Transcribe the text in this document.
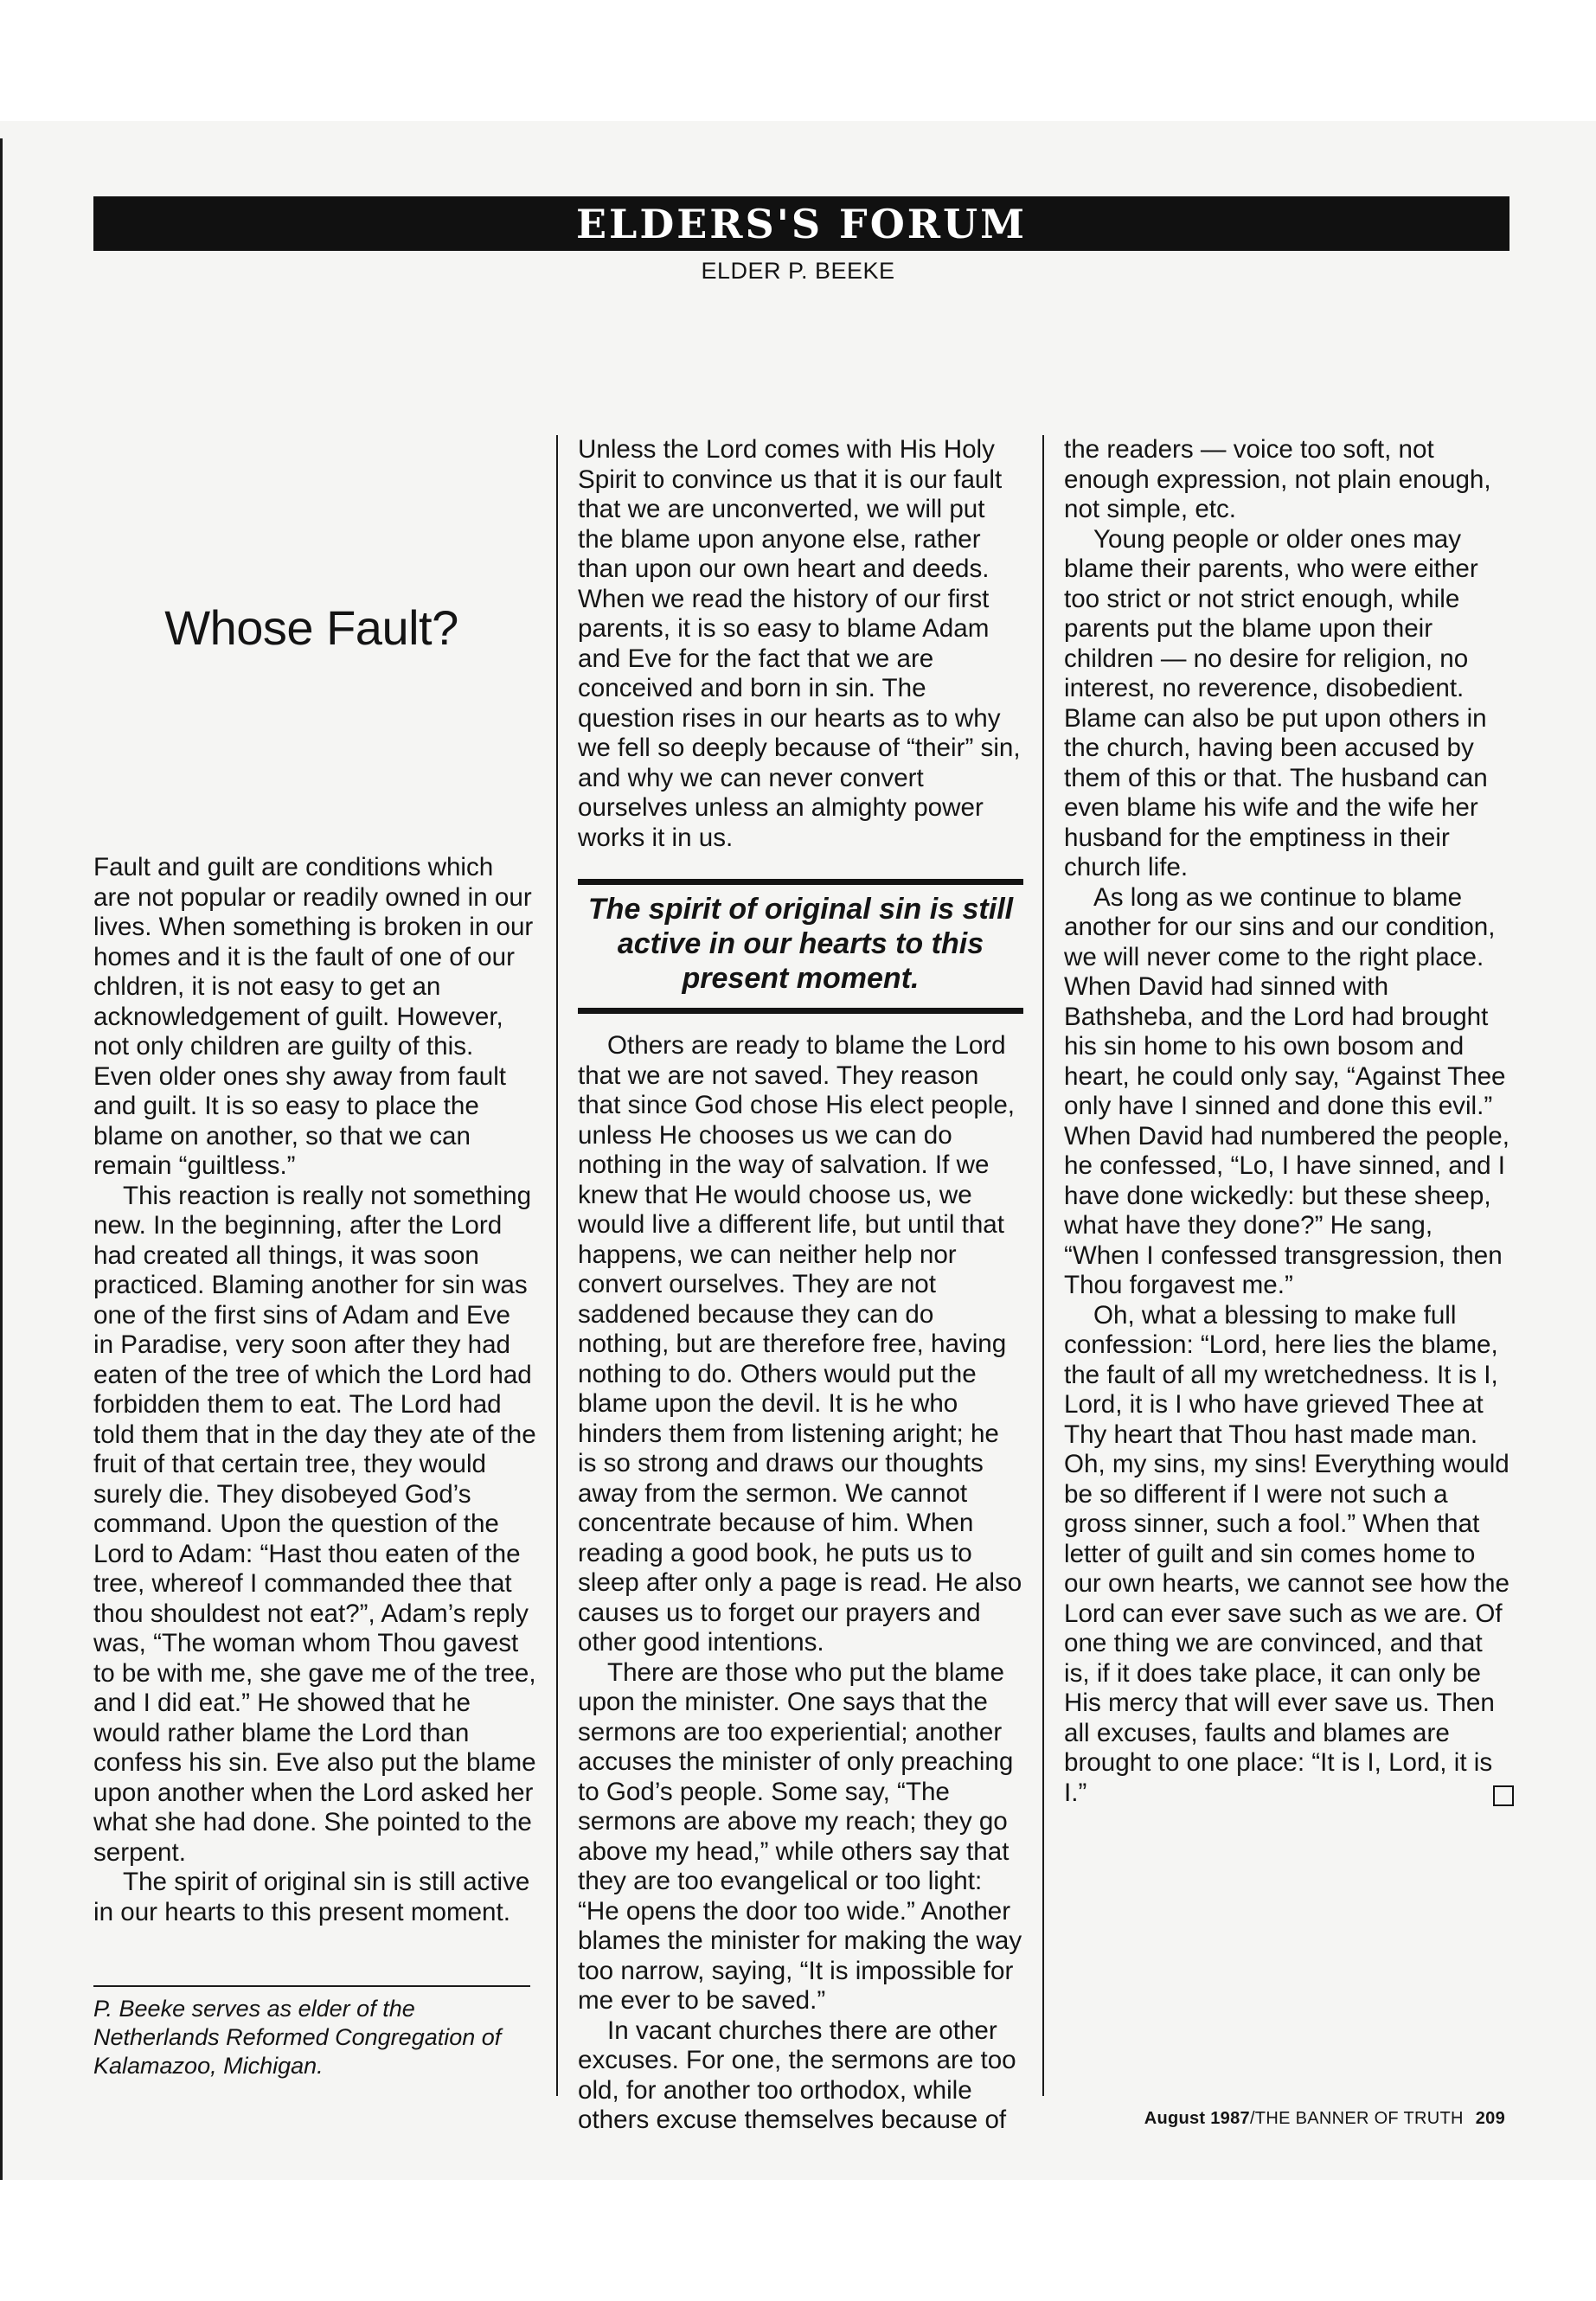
ELDERS'S FORUM
ELDER P. BEEKE
Whose Fault?

Fault and guilt are conditions which are not popular or readily owned in our lives. When something is broken in our homes and it is the fault of one of our chldren, it is not easy to get an acknowledgement of guilt. However, not only children are guilty of this. Even older ones shy away from fault and guilt. It is so easy to place the blame on another, so that we can remain “guiltless.”

This reaction is really not something new. In the beginning, after the Lord had created all things, it was soon practiced. Blaming another for sin was one of the first sins of Adam and Eve in Paradise, very soon after they had eaten of the tree of which the Lord had forbidden them to eat. The Lord had told them that in the day they ate of the fruit of that certain tree, they would surely die. They disobeyed God’s command. Upon the question of the Lord to Adam: “Hast thou eaten of the tree, whereof I commanded thee that thou shouldest not eat?”, Adam’s reply was, “The woman whom Thou gavest to be with me, she gave me of the tree, and I did eat.” He showed that he would rather blame the Lord than confess his sin. Eve also put the blame upon another when the Lord asked her what she had done. She pointed to the serpent.

The spirit of original sin is still active in our hearts to this present moment.

Unless the Lord comes with His Holy Spirit to convince us that it is our fault that we are unconverted, we will put the blame upon anyone else, rather than upon our own heart and deeds. When we read the history of our first parents, it is so easy to blame Adam and Eve for the fact that we are conceived and born in sin. The question rises in our hearts as to why we fell so deeply because of “their” sin, and why we can never convert ourselves unless an almighty power works it in us.

The spirit of original sin is still active in our hearts to this present moment.

Others are ready to blame the Lord that we are not saved. They reason that since God chose His elect people, unless He chooses us we can do nothing in the way of salvation. If we knew that He would choose us, we would live a different life, but until that happens, we can neither help nor convert ourselves. They are not saddened because they can do nothing, but are therefore free, having nothing to do. Others would put the blame upon the devil. It is he who hinders them from listening aright; he is so strong and draws our thoughts away from the sermon. We cannot concentrate because of him. When reading a good book, he puts us to sleep after only a page is read. He also causes us to forget our prayers and other good intentions.

There are those who put the blame upon the minister. One says that the sermons are too experiential; another accuses the minister of only preaching to God’s people. Some say, “The sermons are above my reach; they go above my head,” while others say that they are too evangelical or too light: “He opens the door too wide.” Another blames the minister for making the way too narrow, saying, “It is impossible for me ever to be saved.”

In vacant churches there are other excuses. For one, the sermons are too old, for another too orthodox, while others excuse themselves because of

the readers — voice too soft, not enough expression, not plain enough, not simple, etc.

Young people or older ones may blame their parents, who were either too strict or not strict enough, while parents put the blame upon their children — no desire for religion, no interest, no reverence, disobedient. Blame can also be put upon others in the church, having been accused by them of this or that. The husband can even blame his wife and the wife her husband for the emptiness in their church life.

As long as we continue to blame another for our sins and our condition, we will never come to the right place. When David had sinned with Bathsheba, and the Lord had brought his sin home to his own bosom and heart, he could only say, “Against Thee only have I sinned and done this evil.” When David had numbered the people, he confessed, “Lo, I have sinned, and I have done wickedly: but these sheep, what have they done?” He sang, “When I confessed transgression, then Thou forgavest me.”

Oh, what a blessing to make full confession: “Lord, here lies the blame, the fault of all my wretchedness. It is I, Lord, it is I who have grieved Thee at Thy heart that Thou hast made man. Oh, my sins, my sins! Everything would be so different if I were not such a gross sinner, such a fool.” When that letter of guilt and sin comes home to our own hearts, we cannot see how the Lord can ever save such as we are. Of one thing we are convinced, and that is, if it does take place, it can only be His mercy that will ever save us. Then all excuses, faults and blames are brought to one place: “It is I, Lord, it is I.”

P. Beeke serves as elder of the Netherlands Reformed Congregation of Kalamazoo, Michigan.
August 1987/THE BANNER OF TRUTH 209
